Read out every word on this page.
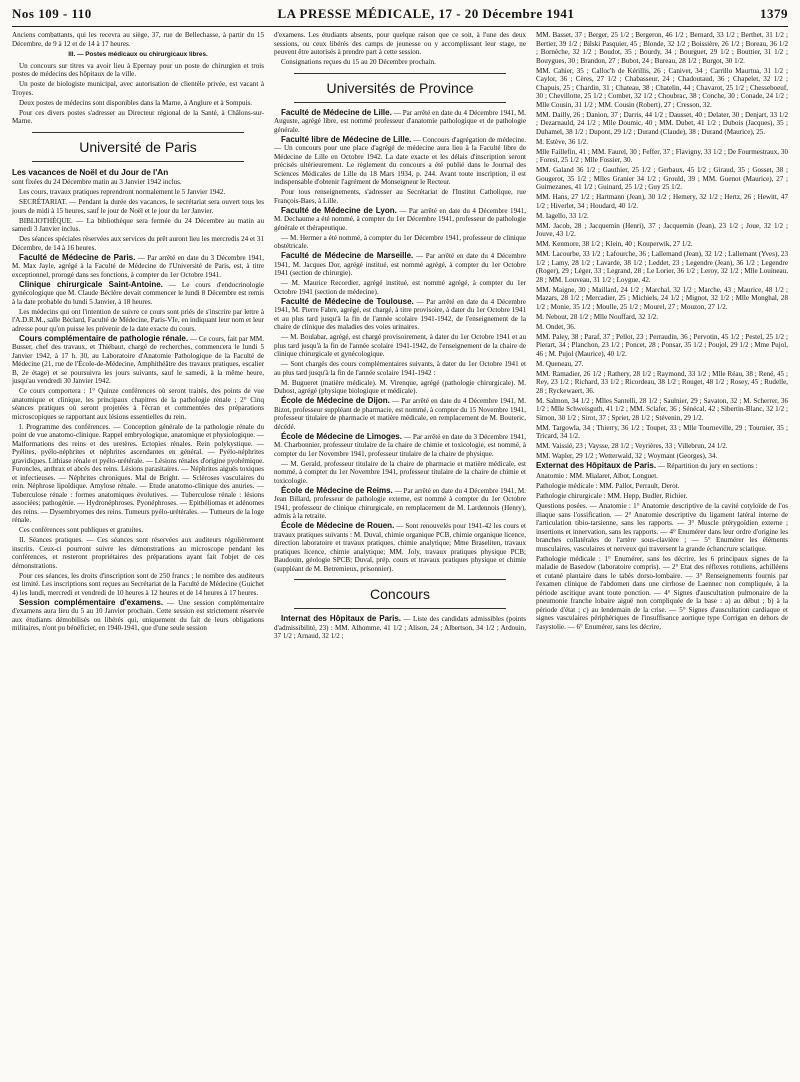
Nos 109 - 110	LA PRESSE MÉDICALE, 17 - 20 Décembre 1941	1379

Anciens combattants, qui les recevra au siège, 37, rue de Bellechasse, à partir du 15 Décembre, de 9 à 12 et de 14 à 17 heures.

III. — Postes médicaux ou chirurgicaux libres.

Un concours sur titres va avoir lieu à Epernay pour un poste de chirurgien et trois postes de médecins des hôpitaux de la ville.

Un poste de biologiste municipal, avec autorisation de clientèle privée, est vacant à Troyes.

Deux postes de médecins sont disponibles dans la Marne, à Anglure et à Sompuis.

Pour ces divers postes s'adresser au Directeur régional de la Santé, à Châlons-sur-Marne.

Université de Paris
Les vacances de Noël et du Jour de l'An

sont fixées du 24 Décembre matin au 3 Janvier 1942 inclus.

Les cours, travaux pratiques reprendront normalement le 5 Janvier 1942.

SECRÉTARIAT. — Pendant la durée des vacances, le secrétariat sera ouvert tous les jours de midi à 15 heures, sauf le jour de Noël et le jour du 1er Janvier.

BIBLIOTHÈQUE. — La bibliothèque sera fermée du 24 Décembre au matin au samedi 3 Janvier inclus.

Des séances spéciales réservées aux services du prêt auront lieu les mercredis 24 et 31 Décembre, de 14 à 16 heures.

Faculté de Médecine de Paris. — Par arrêté en date du 3 Décembre 1941, M. Max Jayle, agrégé à la Faculté de Médecine de l'Université de Paris, est, à titre exceptionnel, prorogé dans ses fonctions, à compter du 1er Octobre 1941.

Clinique chirurgicale Saint-Antoine. — Le cours d'endocrinologie gynécologique que M. Claude Béclère devait commencer le lundi 8 Décembre est remis à la date probable du lundi 5 Janvier, à 18 heures.

Les médecins qui ont l'intention de suivre ce cours sont priés de s'inscrire par lettre à l'A.D.R.M., salle Béclard, Faculté de Médecine, Paris-VIe, en indiquant leur nom et leur adresse pour qu'on puisse les prévenir de la date exacte du cours.

Cours complémentaire de pathologie rénale. — Ce cours, fait par MM. Busser, chef des travaux, et Thiébaut, chargé de recherches, commencera le lundi 5 Janvier 1942, à 17 h. 30, au Laboratoire d'Anatomie Pathologique de la Faculté de Médecine (21, rue de l'École-de-Médecine, Amphithéâtre des travaux pratiques, escalier B, 2e étage) et se poursuivra les jours suivants, sauf le samedi, à la même heure, jusqu'au vendredi 30 Janvier 1942.

Ce cours comportera : 1° Quinze conférences où seront traités, des points de vue anatomique et clinique, les principaux chapitres de la pathologie rénale ; 2° Cinq séances pratiques où seront projetées à l'écran et commentées des préparations microscopiques se rapportant aux lésions essentielles du rein.

I. Programme des conférences. — Conception générale de la pathologie rénale du point de vue anatomo-clinique. Rappel embryologique, anatomique et physiologique. — Malformations des reins et des uretères. Ectopies rénales. Rein polykystique. — Pyélites, pyélo-néphrites et néphrites ascendantes en général. — Pyélo-néphrites gravidiques. Lithiase rénale et pyélo-urétérale. — Lésions rénales d'origine pyohémique. Furoncles, anthrax et abcès des reins. Lésions parasitaires. — Néphrites aiguës toxiques et infectieuses. — Néphrites chroniques. Mal de Bright. — Scléroses vasculaires du rein. Néphrose lipoïdique. Amylose rénale. — Etude anatomo-clinique des anuries. — Tuberculose rénale : formes anatomiques évolutives. — Tuberculose rénale : lésions associées; pathogénie. — Hydronéphroses. Pyonéphroses. — Epithéliomas et adénomes des reins. — Dysembryomes des reins. Tumeurs pyélo-urétérales. — Tumeurs de la loge rénale.

Ces conférences sont publiques et gratuites.

II. Séances pratiques. — Ces séances sont réservées aux auditeurs régulièrement inscrits. Ceux-ci pourront suivre les démonstrations au microscope pendant les conférences, et resteront propriétaires des préparations ayant fait l'objet de ces démonstrations.

Pour ces séances, les droits d'inscription sont de 250 francs ; le nombre des auditeurs est limité. Les inscriptions sont reçues au Secrétariat de la Faculté de Médecine (Guichet 4) les lundi, mercredi et vendredi de 10 heures à 12 heures et de 14 heures à 17 heures.

Session complémentaire d'examens. — Une session complémentaire d'examens aura lieu du 5 au 10 Janvier prochain. Cette session est strictement réservée aux étudiants démobilisés ou libérés qui, uniquement du fait de leurs obligations militaires, n'ont pu bénéficier, en 1940-1941, que d'une seule session

d'examens. Les étudiants absents, pour quelque raison que ce soit, à l'une des deux sessions, ou ceux libérés des camps de jeunesse ou y accomplissant leur stage, ne peuvent être autorisés à prendre part à cette session.

Consignations reçues du 15 au 20 Décembre prochain.

Universités de Province

Faculté de Médecine de Lille. — Par arrêté en date du 4 Décembre 1941, M. Auguste, agrégé libre, est nommé professeur d'anatomie pathologique et de pathologie générale.

Faculté libre de Médecine de Lille. — Concours d'agrégation de médecine. — Un concours pour une place d'agrégé de médecine aura lieu à la Faculté libre de Médecine de Lille en Octobre 1942. La date exacte et les délais d'inscription seront précisés ultérieurement. Le règlement du concours a été publié dans le Journal des Sciences Médicales de Lille du 18 Mars 1934, p. 244. Avant toute inscription, il est indispensable d'obtenir l'agrément de Monseigneur le Recteur.

Pour tous renseignements, s'adresser au Secrétariat de l'Institut Catholique, rue François-Baes, à Lille.

Faculté de Médecine de Lyon. — Par arrêté en date du 4 Décembre 1941, M. Dechaume a été nommé, à compter du 1er Décembre 1941, professeur de pathologie générale et thérapeutique.

— M. Hermer a été nommé, à compter du 1er Décembre 1941, professeur de clinique obstétricale.

Faculté de Médecine de Marseille. — Par arrêté en date du 4 Décembre 1941, M. Jacques Dor, agrégé institué, est nommé agrégé, à compter du 1er Octobre 1941 (section de chirurgie).

— M. Maurice Recordier, agrégé institué, est nommé agrégé, à compter du 1er Octobre 1941 (section de médecine).

Faculté de Médecine de Toulouse. — Par arrêté en date du 4 Décembre 1941, M. Pierre Fabre, agrégé, est chargé, à titre provisoire, à dater du 1er Octobre 1941 et au plus tard jusqu'à la fin de l'année scolaire 1941-1942, de l'enseignement de la chaire de clinique des maladies des voies urinaires.

— M. Boulabar, agrégé, est chargé provisoirement, à dater du 1er Octobre 1941 et au plus tard jusqu'à la fin de l'année scolaire 1941-1942, de l'enseignement de la chaire de clinique chirurgicale et gynécologique.

— Sont chargés des cours complémentaires suivants, à dater du 1er Octobre 1941 et au plus tard jusqu'à la fin de l'année scolaire 1941-1942 :

M. Bugueret (matière médicale). M. Virenque, agrégé (pathologie chirurgicale). M. Dubost, agrégé (physique biologique et médicale).

École de Médecine de Dijon. — Par arrêté en date du 4 Décembre 1941, M. Bizot, professeur suppléant de pharmacie, est nommé, à compter du 15 Novembre 1941, professeur titulaire de pharmacie et matière médicale, en remplacement de M. Bouteric, décédé.

École de Médecine de Limoges. — Par arrêté en date du 3 Décembre 1941, M. Charbonnier, professeur titulaire de la chaire de chimie et toxicologie, est nommé, à compter du 1er Novembre 1941, professeur titulaire de la chaire de physique.

— M. Gerald, professeur titulaire de la chaire de pharmacie et matière médicale, est nommé, à compter du 1er Novembre 1941, professeur titulaire de la chaire de chimie et toxicologie.

École de Médecine de Reims. — Par arrêté en date du 4 Décembre 1941, M. Jean Billard, professeur de pathologie externe, est nommé à compter du 1er Octobre 1941, professeur de clinique chirurgicale, en remplacement de M. Lardennois (Henry), admis à la retraite.

École de Médecine de Rouen. — Sont renouvelés pour 1941-42 les cours et travaux pratiques suivants : M. Duval, chimie organique PCB, chimie organique licence, direction laboratoire et travaux pratiques, chimie analytique; Mme Braseliten, travaux pratiques licence, chimie analytique; MM. Joly, travaux pratiques physique PCB; Baudouin, géologie SPCB; Duval, prép. cours et travaux pratiques physique et chimie (suppléant de M. Betremieux, prisonnier).

Concours

Internat des Hôpitaux de Paris. — Liste des candidats admissibles (points d'admissibilité, 23) : MM. Alhomme, 41 1/2 ; Alison, 24 ; Albertson, 34 1/2 ; Ardouin, 37 1/2 ; Arnaud, 32 1/2 ;

MM. Basset, 37 ; Berger, 25 1/2 ; Bergeron, 46 1/2 ; Bernard, 33 1/2 ; Berthet, 31 1/2 ; Bertier, 39 1/2 ; Bilski Pasquier, 45 ; Blonde, 32 1/2 ; Boissière, 26 1/2 ; Boreau, 36 1/2 ; Bornèche, 32 1/2 ; Boudot, 35 ; Bourdy, 34 ; Bourguet, 29 1/2 ; Bouttier, 31 1/2 ; Bouygues, 30 ; Brandon, 27 ; Bubot, 24 ; Bureau, 28 1/2 ; Burgot, 30 1/2.

MM. Cahier, 35 ; Calloc'h de Kérillis, 26 ; Canivet, 34 ; Carrillo Maurtua, 31 1/2 ; Caylor, 36 ; Cères, 27 1/2 ; Chabasseur, 24 ; Chadoutaud, 36 ; Chapelet, 32 1/2 ; Chapuis, 25 ; Chardin, 31 ; Chateau, 38 ; Chatelin, 44 ; Chavarot, 25 1/2 ; Chesseboeuf, 30 ; Chevillotte, 25 1/2 ; Combet, 32 1/2 ; Choubrac, 38 ; Conche, 30 ; Conade, 24 1/2 ; Mlle Cousin, 31 1/2 ; MM. Cousin (Robert), 27 ; Cresson, 32.

MM. Dailly, 26 ; Danion, 37 ; Darris, 44 1/2 ; Dausset, 40 ; Delater, 30 ; Denjart, 33 1/2 ; Dezarnauld, 24 1/2 ; Mlle Doumic, 40 ; MM. Dubet, 41 1/2 ; Dubois (Jacques), 35 ; Duhamel, 38 1/2 ; Dupont, 29 1/2 ; Durand (Claude), 38 ; Durand (Maurice), 25.

M. Estève, 36 1/2.

Mlle Faillefin, 41 ; MM. Faurel, 30 ; Feffer, 37 ; Flavigny, 33 1/2 ; De Fourmestraux, 30 ; Forest, 25 1/2 ; Mlle Fossier, 30.

MM. Galand 36 1/2 ; Gauthier, 25 1/2 ; Gerbaux, 45 1/2 ; Giraud, 35 ; Gosset, 38 ; Gougerot, 35 1/2 ; Mlles Granier 34 1/2 ; Grould, 39 ; MM. Guenot (Maurice), 27 ; Guimezanes, 41 1/2 ; Guinard, 25 1/2 ; Guy 25 1/2.

MM. Hans, 27 1/2 ; Hartmann (Jean), 30 1/2 ; Hemery, 32 1/2 ; Hertz, 26 ; Hewitt, 47 1/2 ; Hiverlet, 34 ; Houdard, 40 1/2.

M. Iagello, 33 1/2.

MM. Jacob, 28 ; Jacquemin (Henri), 37 ; Jacquemin (Jean), 23 1/2 ; Joue, 32 1/2 ; Jouve, 43 1/2.

MM. Kenmore, 38 1/2 ; Klein, 40 ; Kouperwik, 27 1/2.

MM. Lacourbe, 33 1/2 ; Lafourche, 36 ; Lallemand (Jean), 32 1/2 ; Lallemant (Yves), 23 1/2 ; Lamy, 28 1/2 ; Lavarde, 38 1/2 ; Leddet, 23 ; Legendre (Jean), 36 1/2 ; Legendre (Roger), 29 ; Léger, 33 ; Legrand, 28 ; Le Lorier, 36 1/2 ; Leroy, 32 1/2 ; Mlle Louineau, 28 ; MM. Louveau, 31 1/2 ; Loygue, 42.

MM. Maigne, 30 ; Maillard, 24 1/2 ; Marchal, 32 1/2 ; Marche, 43 ; Maurice, 48 1/2 ; Mazars, 28 1/2 ; Mercadier, 25 ; Michiels, 24 1/2 ; Mignot, 32 1/2 ; Mlle Monghal, 28 1/2 ; Monie, 35 1/2 ; Moulle, 25 1/2 ; Mourel, 27 ; Mouzon, 27 1/2.

M. Nebout, 28 1/2 ; Mlle Nouffard, 32 1/2.

M. Ondet, 36.

MM. Paley, 38 ; Paraf, 37 ; Pellot, 23 ; Perraudin, 36 ; Pervotin, 45 1/2 ; Pestel, 25 1/2 ; Pierart, 34 ; Planchon, 23 1/2 ; Poncet, 28 ; Ponsar, 35 1/2 ; Poujol, 29 1/2 ; Mme Pujol, 46 ; M. Pujol (Maurice), 40 1/2.

M. Queneau, 27.

MM. Ramadier, 26 1/2 ; Rathery, 28 1/2 ; Raymond, 33 1/2 ; Mlle Réau, 38 ; René, 45 ; Rey, 23 1/2 ; Richard, 33 1/2 ; Ricordeau, 38 1/2 ; Rouget, 48 1/2 ; Rosey, 45 ; Rudelle, 28 ; Ryckewaert, 36.

M. Salmon, 34 1/2 ; Mlles Santelli, 28 1/2 ; Saulnier, 29 ; Savaton, 32 ; M. Scherrer, 36 1/2 ; Mlle Schweisguth, 41 1/2 ; MM. Sclafer, 36 ; Sénécal, 42 ; Sibertin-Blanc, 32 1/2 ; Simon, 30 1/2 ; Sirot, 37 ; Spriet, 28 1/2 ; Stévenin, 29 1/2.

MM. Targowla, 34 ; Thierry, 36 1/2 ; Toupet, 33 ; Mlle Tourneville, 29 ; Tournier, 35 ; Tricard, 34 1/2.

MM. Vaissié, 23 ; Vaysse, 28 1/2 ; Veyrières, 33 ; Villebrun, 24 1/2.

MM. Wapler, 29 1/2 ; Wetterwald, 32 ; Woymant (Georges), 34.

Externat des Hôpitaux de Paris. — Répartition du jury en sections :

Anatomie : MM. Mialaret, Albot, Longuet.

Pathologie médicale : MM. Pallot, Perrault, Derot.

Pathologie chirurgicale : MM. Hepp, Budler, Richier.

Questions posées. — Anatomie : 1° Anatomie descriptive de la cavité cotyloïde de l'os iliaque sans l'ossification. — 2° Anatomie descriptive du ligament latéral interne de l'articulation tibio-tarsienne, sans les rapports. — 3° Muscle ptérygoïdien externe ; insertions et innervation, sans les rapports. — 4° Enumérer dans leur ordre d'origine les branches collatérales de l'artère sous-clavière ; — 5° Enumérer les éléments musculaires, vasculaires et nerveux qui traversent la grande échancrure sciatique.

Pathologie médicale : 1° Enumérer, sans les décrire, les 6 principaux signes de la maladie de Basedow (laboratoire compris). — 2° Etat des réflexes rotuliens, achilléens et cutané plantaire dans le tabès dorso-lombaire. — 3° Renseignements fournis par l'examen clinique de l'abdomen dans une cirrhose de Laennec non compliquée, à la période ascitique avant toute ponction. — 4° Signes d'auscultation pulmonaire de la pneumonie franche lobaire aiguë non compliquée de la base : a) au début ; b) à la période d'état ; c) au lendemain de la crise. — 5° Signes d'auscultation cardiaque et signes vasculaires périphériques de l'insuffisance aortique type Corrigan en dehors de l'asystolie. — 6° Enumérer, sans les décrire,
